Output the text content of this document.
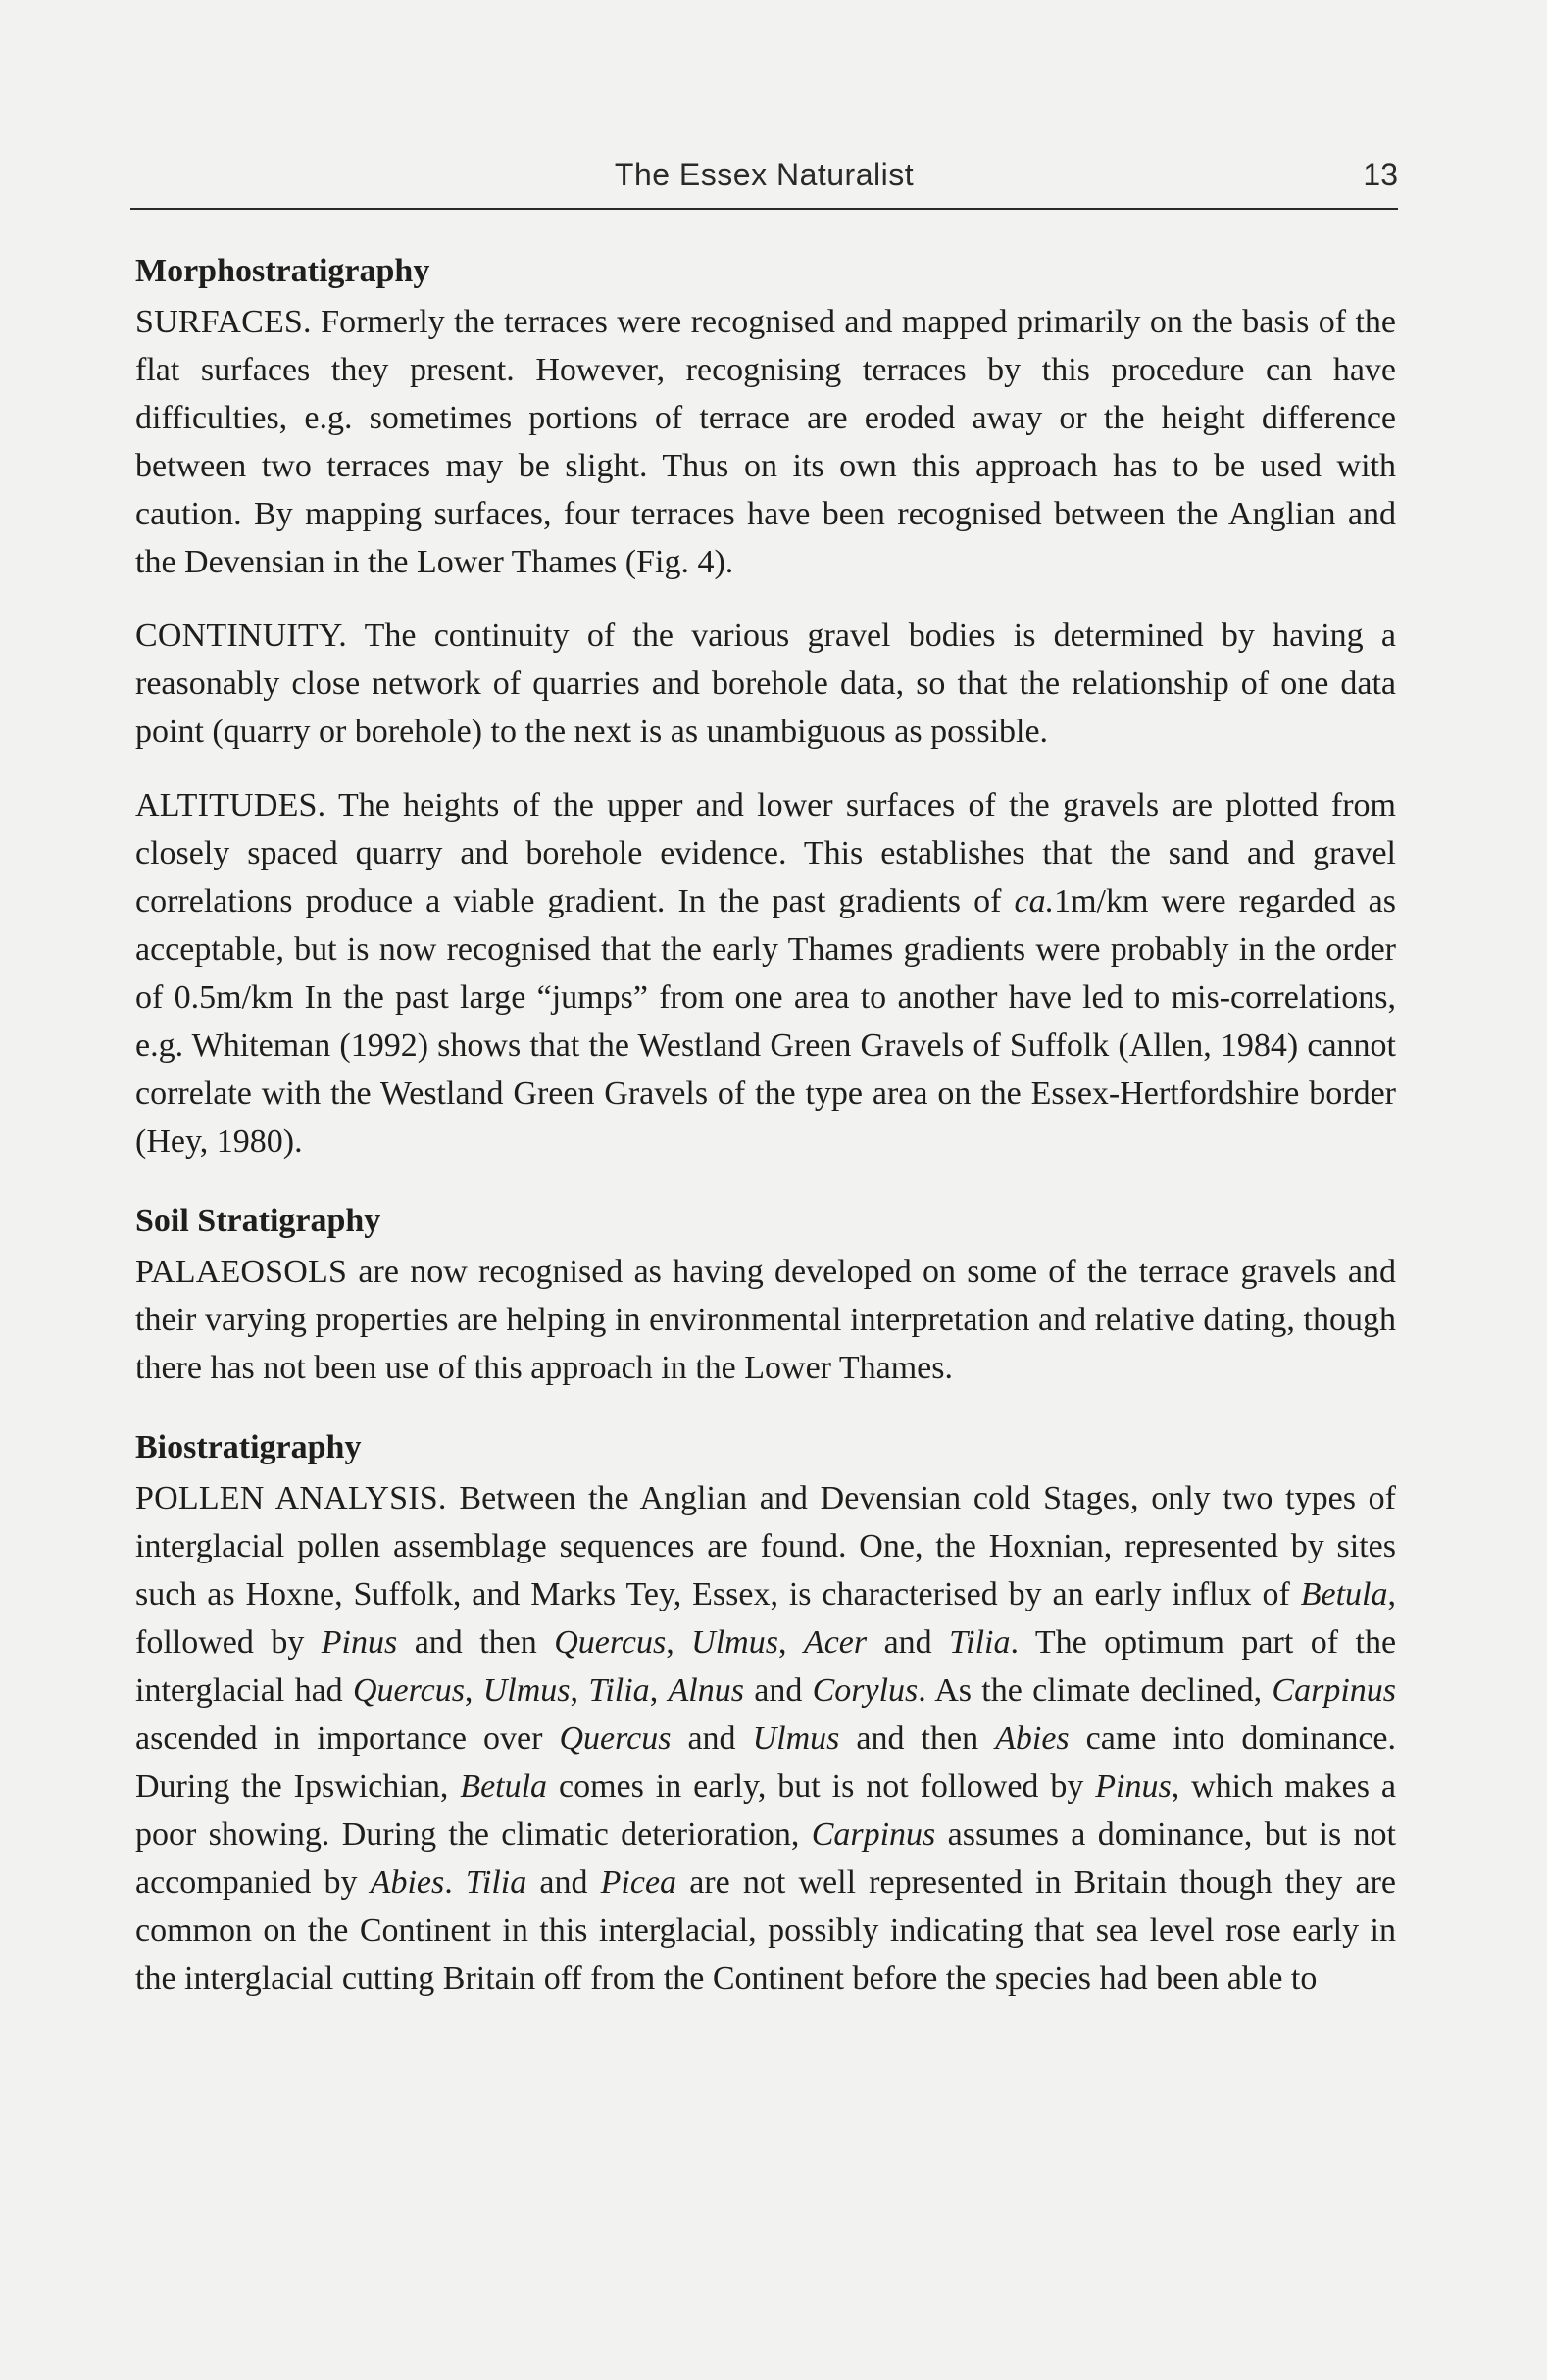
The Essex Naturalist	13
Morphostratigraphy

SURFACES. Formerly the terraces were recognised and mapped primarily on the basis of the flat surfaces they present. However, recognising terraces by this procedure can have difficulties, e.g. sometimes portions of terrace are eroded away or the height difference between two terraces may be slight. Thus on its own this approach has to be used with caution. By mapping surfaces, four terraces have been recognised between the Anglian and the Devensian in the Lower Thames (Fig. 4).

CONTINUITY. The continuity of the various gravel bodies is determined by having a reasonably close network of quarries and borehole data, so that the relationship of one data point (quarry or borehole) to the next is as unambiguous as possible.

ALTITUDES. The heights of the upper and lower surfaces of the gravels are plotted from closely spaced quarry and borehole evidence. This establishes that the sand and gravel correlations produce a viable gradient. In the past gradients of ca.1m/km were regarded as acceptable, but is now recognised that the early Thames gradients were probably in the order of 0.5m/km In the past large “jumps” from one area to another have led to mis-correlations, e.g. Whiteman (1992) shows that the Westland Green Gravels of Suffolk (Allen, 1984) cannot correlate with the Westland Green Gravels of the type area on the Essex-Hertfordshire border (Hey, 1980).

Soil Stratigraphy

PALAEOSOLS are now recognised as having developed on some of the terrace gravels and their varying properties are helping in environmental interpretation and relative dating, though there has not been use of this approach in the Lower Thames.

Biostratigraphy

POLLEN ANALYSIS. Between the Anglian and Devensian cold Stages, only two types of interglacial pollen assemblage sequences are found. One, the Hoxnian, represented by sites such as Hoxne, Suffolk, and Marks Tey, Essex, is characterised by an early influx of Betula, followed by Pinus and then Quercus, Ulmus, Acer and Tilia. The optimum part of the interglacial had Quercus, Ulmus, Tilia, Alnus and Corylus. As the climate declined, Carpinus ascended in importance over Quercus and Ulmus and then Abies came into dominance. During the Ipswichian, Betula comes in early, but is not followed by Pinus, which makes a poor showing. During the climatic deterioration, Carpinus assumes a dominance, but is not accompanied by Abies. Tilia and Picea are not well represented in Britain though they are common on the Continent in this interglacial, possibly indicating that sea level rose early in the interglacial cutting Britain off from the Continent before the species had been able to
